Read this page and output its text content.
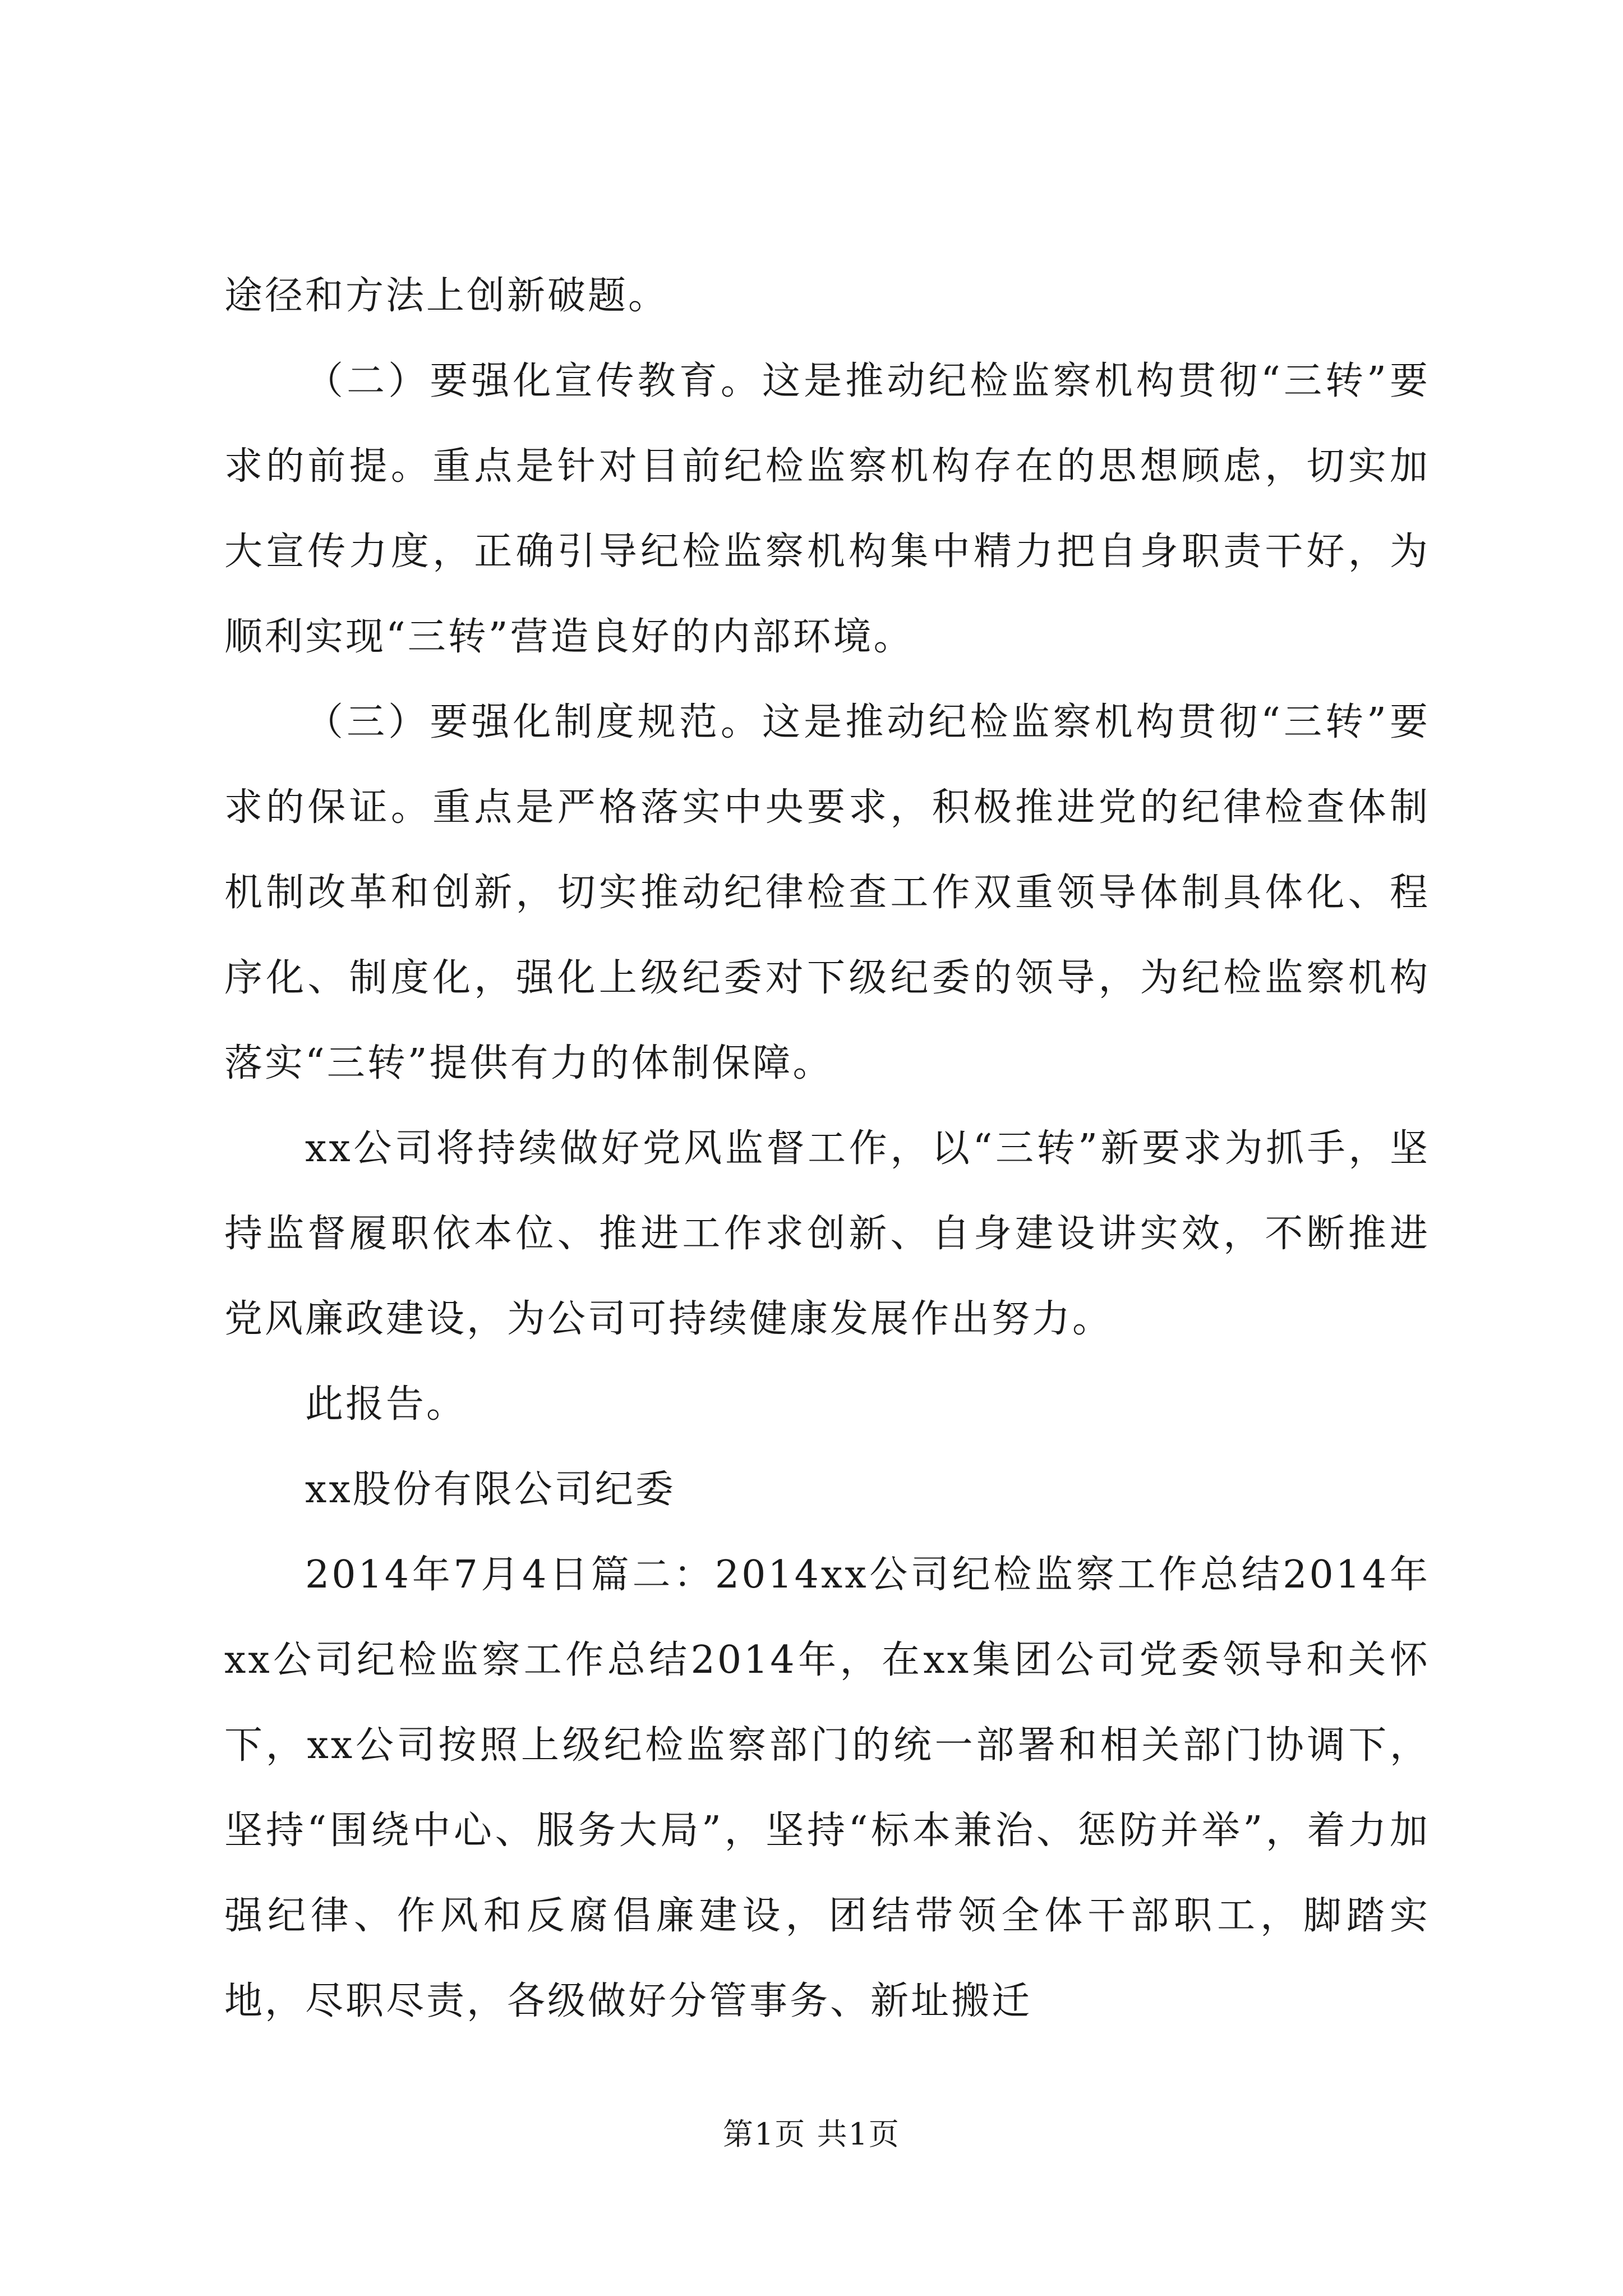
途径和方法上创新破题。

（二）要强化宣传教育。这是推动纪检监察机构贯彻“三转”要求的前提。重点是针对目前纪检监察机构存在的思想顾虑，切实加大宣传力度，正确引导纪检监察机构集中精力把自身职责干好，为顺利实现“三转”营造良好的内部环境。

（三）要强化制度规范。这是推动纪检监察机构贯彻“三转”要求的保证。重点是严格落实中央要求，积极推进党的纪律检查体制机制改革和创新，切实推动纪律检查工作双重领导体制具体化、程序化、制度化，强化上级纪委对下级纪委的领导，为纪检监察机构落实“三转”提供有力的体制保障。

xx公司将持续做好党风监督工作，以“三转”新要求为抓手，坚持监督履职依本位、推进工作求创新、自身建设讲实效，不断推进党风廉政建设，为公司可持续健康发展作出努力。

此报告。

xx股份有限公司纪委

2014年7月4日篇二：2014xx公司纪检监察工作总结2014年xx公司纪检监察工作总结2014年，在xx集团公司党委领导和关怀下，xx公司按照上级纪检监察部门的统一部署和相关部门协调下，坚持“围绕中心、服务大局”，坚持“标本兼治、惩防并举”，着力加强纪律、作风和反腐倡廉建设，团结带领全体干部职工，脚踏实地，尽职尽责，各级做好分管事务、新址搬迁

第1页 共1页
